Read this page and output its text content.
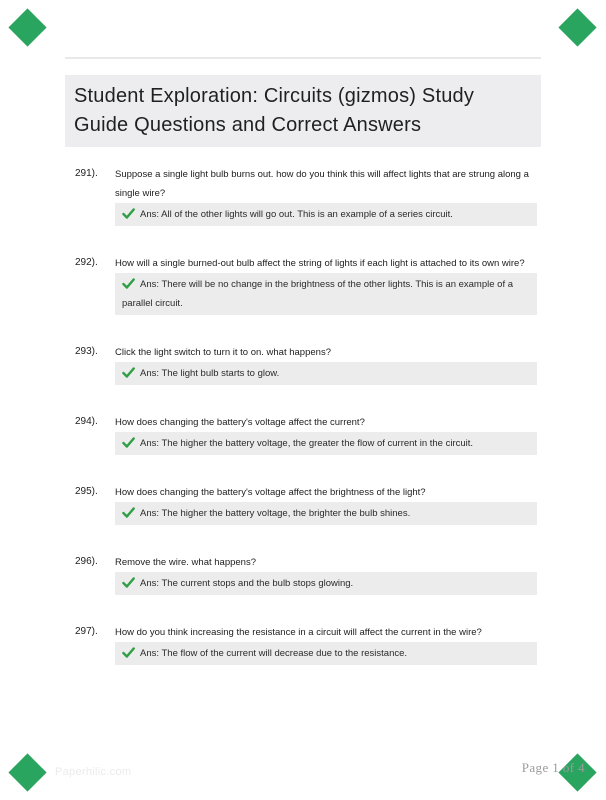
Student Exploration: Circuits (gizmos) Study Guide Questions and Correct Answers
291).	Suppose a single light bulb burns out. how do you think this will affect lights that are strung along a single wire?
Ans: All of the other lights will go out. This is an example of a series circuit.
292).	How will a single burned-out bulb affect the string of lights if each light is attached to its own wire?
Ans: There will be no change in the brightness of the other lights. This is an example of a parallel circuit.
293).	Click the light switch to turn it to on. what happens?
Ans: The light bulb starts to glow.
294).	How does changing the battery's voltage affect the current?
Ans: The higher the battery voltage, the greater the flow of current in the circuit.
295).	How does changing the battery's voltage affect the brightness of the light?
Ans: The higher the battery voltage, the brighter the bulb shines.
296).	Remove the wire. what happens?
Ans: The current stops and the bulb stops glowing.
297).	How do you think increasing the resistance in a circuit will affect the current in the wire?
Ans: The flow of the current will decrease due to the resistance.
Paperhilic.com	Page 1 of 4
